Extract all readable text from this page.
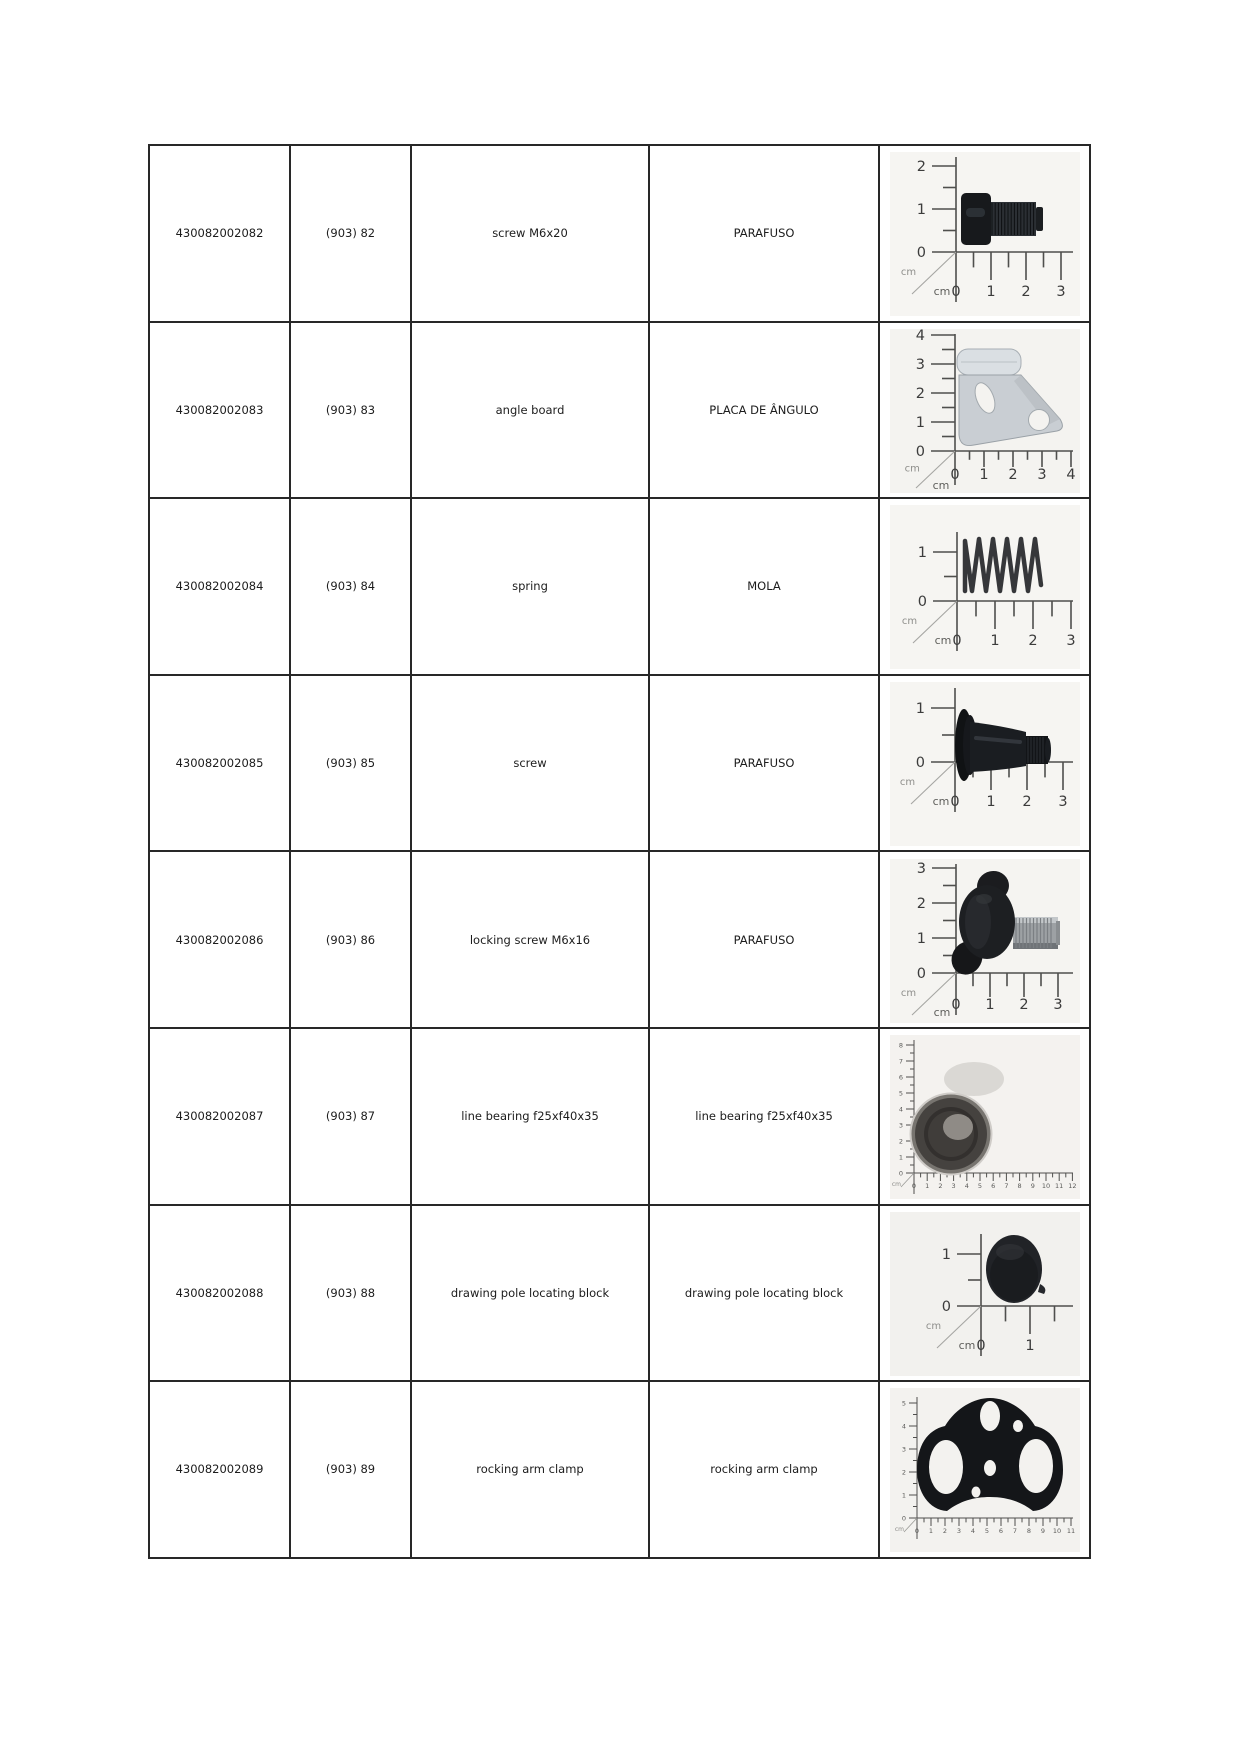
430082002082	(903) 82	screw M6x20	PARAFUSO	
2
1
0
0 1 2 3
cm
cm

430082002083	(903) 83	angle board	PLACA DE ÂNGULO	
4
3
2
1
0
0 1 2 3 4
cm
cm

430082002084	(903) 84	spring	MOLA	
1
0
0 1 2 3
cm
cm

430082002085	(903) 85	screw	PARAFUSO	
1
0
0 1 2 3
cm
cm

430082002086	(903) 86	locking screw M6x16	PARAFUSO	
3
2
1
0
0 1 2 3
cm
cm

430082002087	(903) 87	line bearing f25xf40x35	line bearing f25xf40x35	
8
7
6
5
4
3
2
1
0
0 1 2 3 4 5 6 7 8 9 10 11 12
cm

430082002088	(903) 88	drawing pole locating block	drawing pole locating block	
1
0
0	1
cm
cm

430082002089	(903) 89	rocking arm clamp	rocking arm clamp	
5
4
3
2
1
0
0 1 2 3 4 5 6 7 8 9 10 11
cm
